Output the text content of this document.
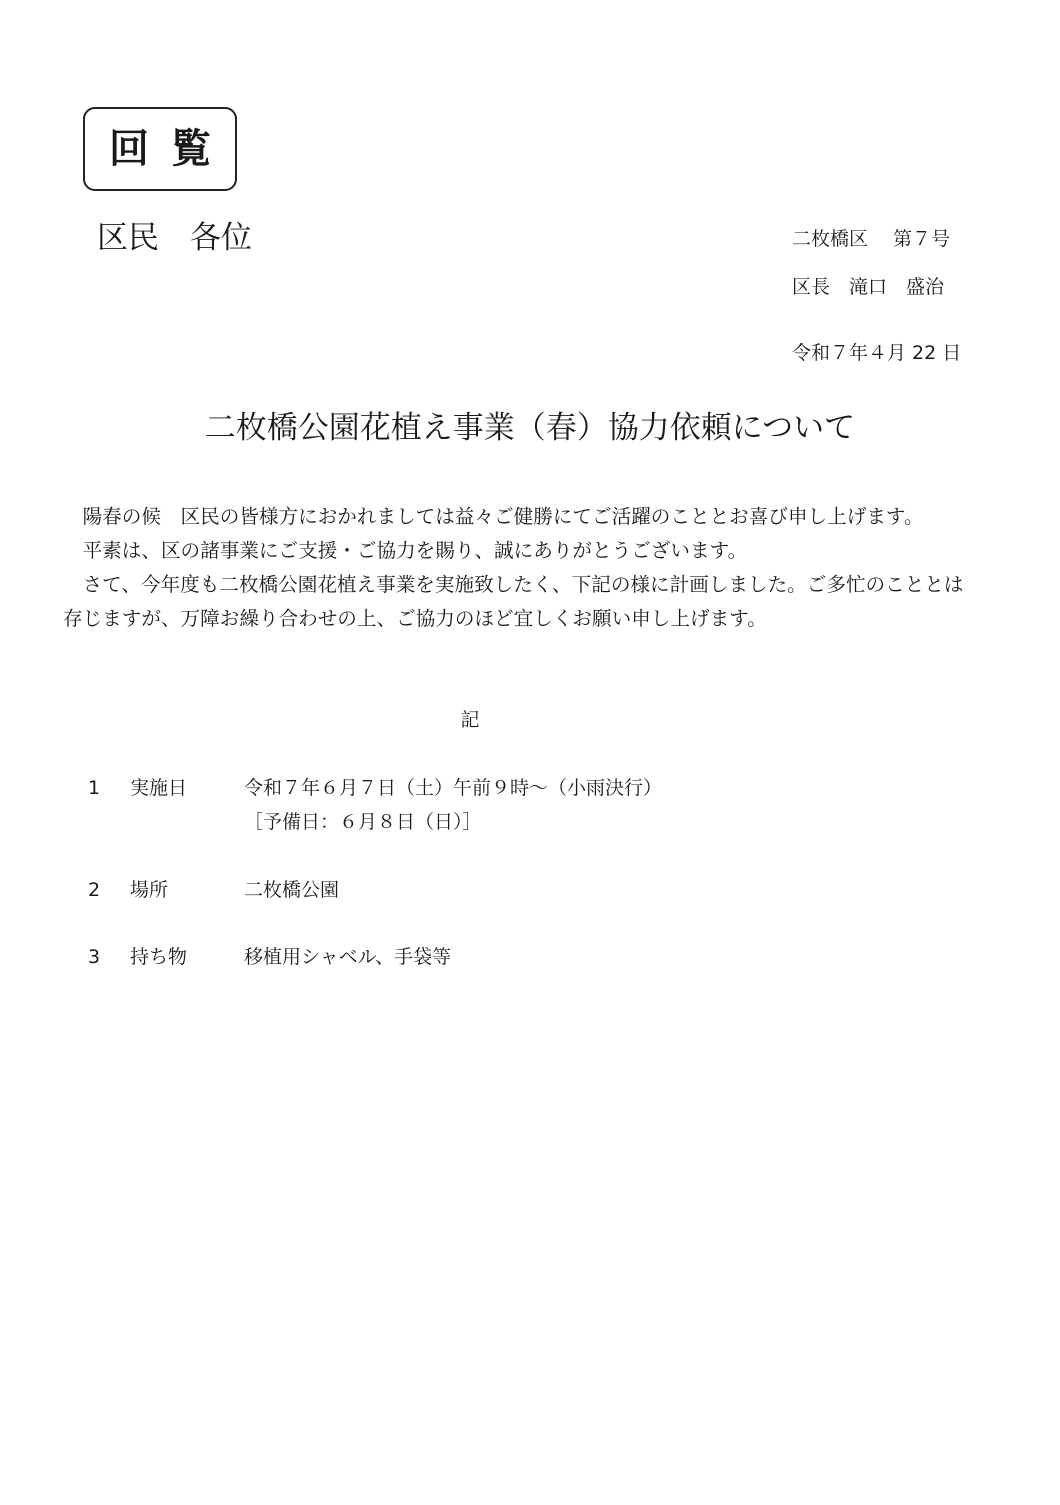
回覧
区民　各位

	二枚橋区　 第７号

令和７年４月 22 日

区長　滝口　盛治
二枚橋公園花植え事業（春）協力依頼について

陽春の候　区民の皆様方におかれましては益々ご健勝にてご活躍のこととお喜び申し上げます。

平素は、区の諸事業にご支援・ご協力を賜り、誠にありがとうございます。

さて、今年度も二枚橋公園花植え事業を実施致したく、下記の様に計画しました。ご多忙のこととは存じますが、万障お繰り合わせの上、ご協力のほど宜しくお願い申し上げます。

記
1	実施日	令和７年６月７日（土）午前９時～（小雨決行）
［予備日：６月８日（日）］
2	場所	二枚橋公園
3	持ち物	移植用シャベル、手袋等
